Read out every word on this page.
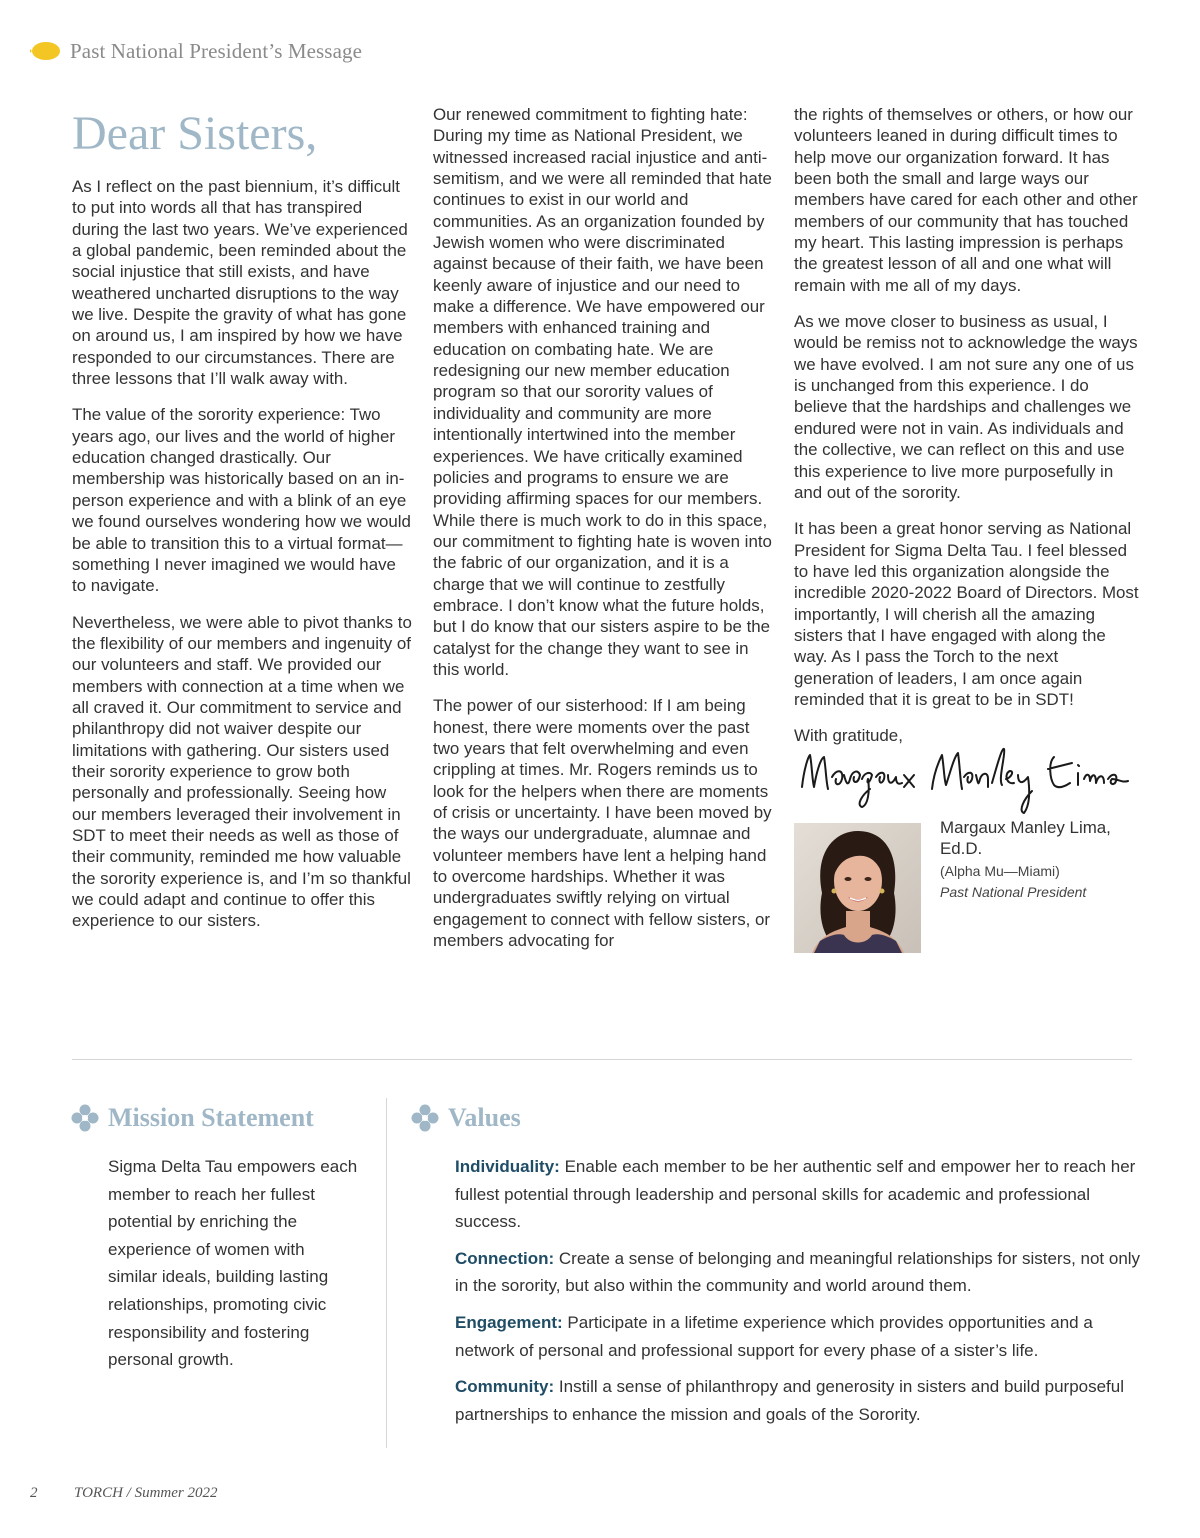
Past National President’s Message
Dear Sisters,

As I reflect on the past biennium, it’s difficult to put into words all that has transpired during the last two years. We’ve experienced a global pandemic, been reminded about the social injustice that still exists, and have weathered uncharted disruptions to the way we live. Despite the gravity of what has gone on around us, I am inspired by how we have responded to our circumstances. There are three lessons that I’ll walk away with.

The value of the sorority experience: Two years ago, our lives and the world of higher education changed drastically. Our membership was historically based on an in-person experience and with a blink of an eye we found ourselves wondering how we would be able to transition this to a virtual format—something I never imagined we would have to navigate.

Nevertheless, we were able to pivot thanks to the flexibility of our members and ingenuity of our volunteers and staff. We provided our members with connection at a time when we all craved it. Our commitment to service and philanthropy did not waiver despite our limitations with gathering. Our sisters used their sorority experience to grow both personally and professionally. Seeing how our members leveraged their involvement in SDT to meet their needs as well as those of their community, reminded me how valuable the sorority experience is, and I’m so thankful we could adapt and continue to offer this experience to our sisters.

Our renewed commitment to fighting hate: During my time as National President, we witnessed increased racial injustice and anti-semitism, and we were all reminded that hate continues to exist in our world and communities. As an organization founded by Jewish women who were discriminated against because of their faith, we have been keenly aware of injustice and our need to make a difference. We have empowered our members with enhanced training and education on combating hate. We are redesigning our new member education program so that our sorority values of individuality and community are more intentionally intertwined into the member experiences. We have critically examined policies and programs to ensure we are providing affirming spaces for our members. While there is much work to do in this space, our commitment to fighting hate is woven into the fabric of our organization, and it is a charge that we will continue to zestfully embrace. I don’t know what the future holds, but I do know that our sisters aspire to be the catalyst for the change they want to see in this world.

The power of our sisterhood: If I am being honest, there were moments over the past two years that felt overwhelming and even crippling at times. Mr. Rogers reminds us to look for the helpers when there are moments of crisis or uncertainty. I have been moved by the ways our undergraduate, alumnae and volunteer members have lent a helping hand to overcome hardships. Whether it was undergraduates swiftly relying on virtual engagement to connect with fellow sisters, or members advocating for

the rights of themselves or others, or how our volunteers leaned in during difficult times to help move our organization forward. It has been both the small and large ways our members have cared for each other and other members of our community that has touched my heart. This lasting impression is perhaps the greatest lesson of all and one what will remain with me all of my days.

As we move closer to business as usual, I would be remiss not to acknowledge the ways we have evolved. I am not sure any one of us is unchanged from this experience. I do believe that the hardships and challenges we endured were not in vain. As individuals and the collective, we can reflect on this and use this experience to live more purposefully in and out of the sorority.

It has been a great honor serving as National President for Sigma Delta Tau. I feel blessed to have led this organization alongside the incredible 2020-2022 Board of Directors. Most importantly, I will cherish all the amazing sisters that I have engaged with along the way. As I pass the Torch to the next generation of leaders, I am once again reminded that it is great to be in SDT!

With gratitude,

Margaux Manley Lima, Ed.D.
(Alpha Mu—Miami)
Past National President
Mission Statement
Sigma Delta Tau empowers each member to reach her fullest potential by enriching the experience of women with similar ideals, building lasting relationships, promoting civic responsibility and fostering personal growth.
Values
Individuality: Enable each member to be her authentic self and empower her to reach her fullest potential through leadership and personal skills for academic and professional success.
Connection: Create a sense of belonging and meaningful relationships for sisters, not only in the sorority, but also within the community and world around them.
Engagement: Participate in a lifetime experience which provides opportunities and a network of personal and professional support for every phase of a sister’s life.
Community: Instill a sense of philanthropy and generosity in sisters and build purposeful partnerships to enhance the mission and goals of the Sorority.
2	TORCH / Summer 2022
